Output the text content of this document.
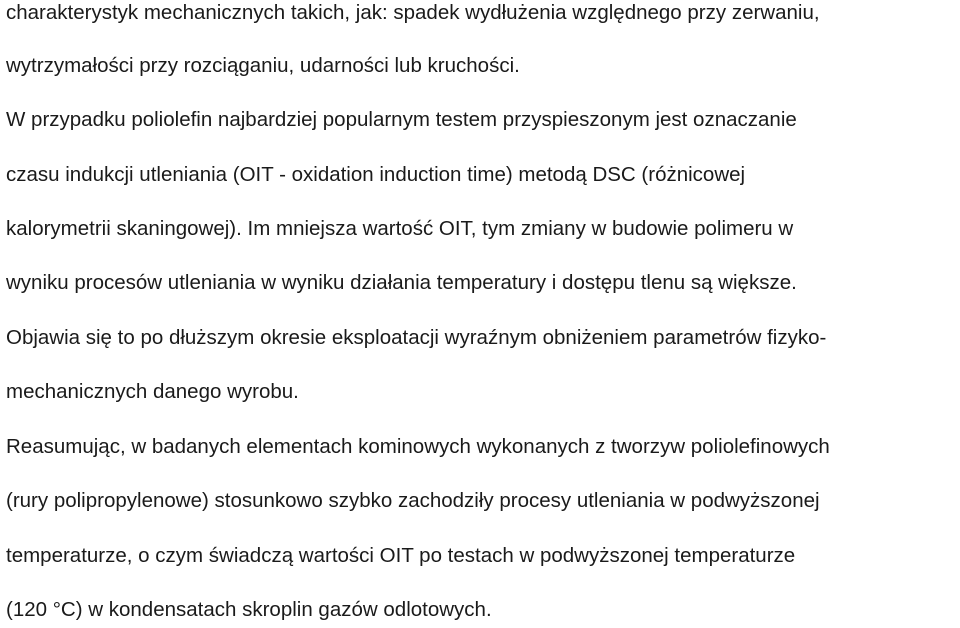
charakterystyk mechanicznych takich, jak: spadek wydłużenia względnego przy zerwaniu,
wytrzymałości przy rozciąganiu, udarności lub kruchości.
W przypadku poliolefin najbardziej popularnym testem przyspieszonym jest oznaczanie
czasu indukcji utleniania (OIT - oxidation induction time) metodą DSC (różnicowej
kalorymetrii skaningowej). Im mniejsza wartość OIT, tym zmiany w budowie polimeru w
wyniku procesów utleniania w wyniku działania temperatury i dostępu tlenu są większe.
Objawia się to po dłuższym okresie eksploatacji wyraźnym obniżeniem parametrów fizyko-
mechanicznych danego wyrobu.
Reasumując, w badanych elementach kominowych wykonanych z tworzyw poliolefinowych
(rury polipropylenowe) stosunkowo szybko zachodziły procesy utleniania w podwyższonej
temperaturze, o czym świadczą wartości OIT po testach w podwyższonej temperaturze
(120 °C) w kondensatach skroplin gazów odlotowych.
